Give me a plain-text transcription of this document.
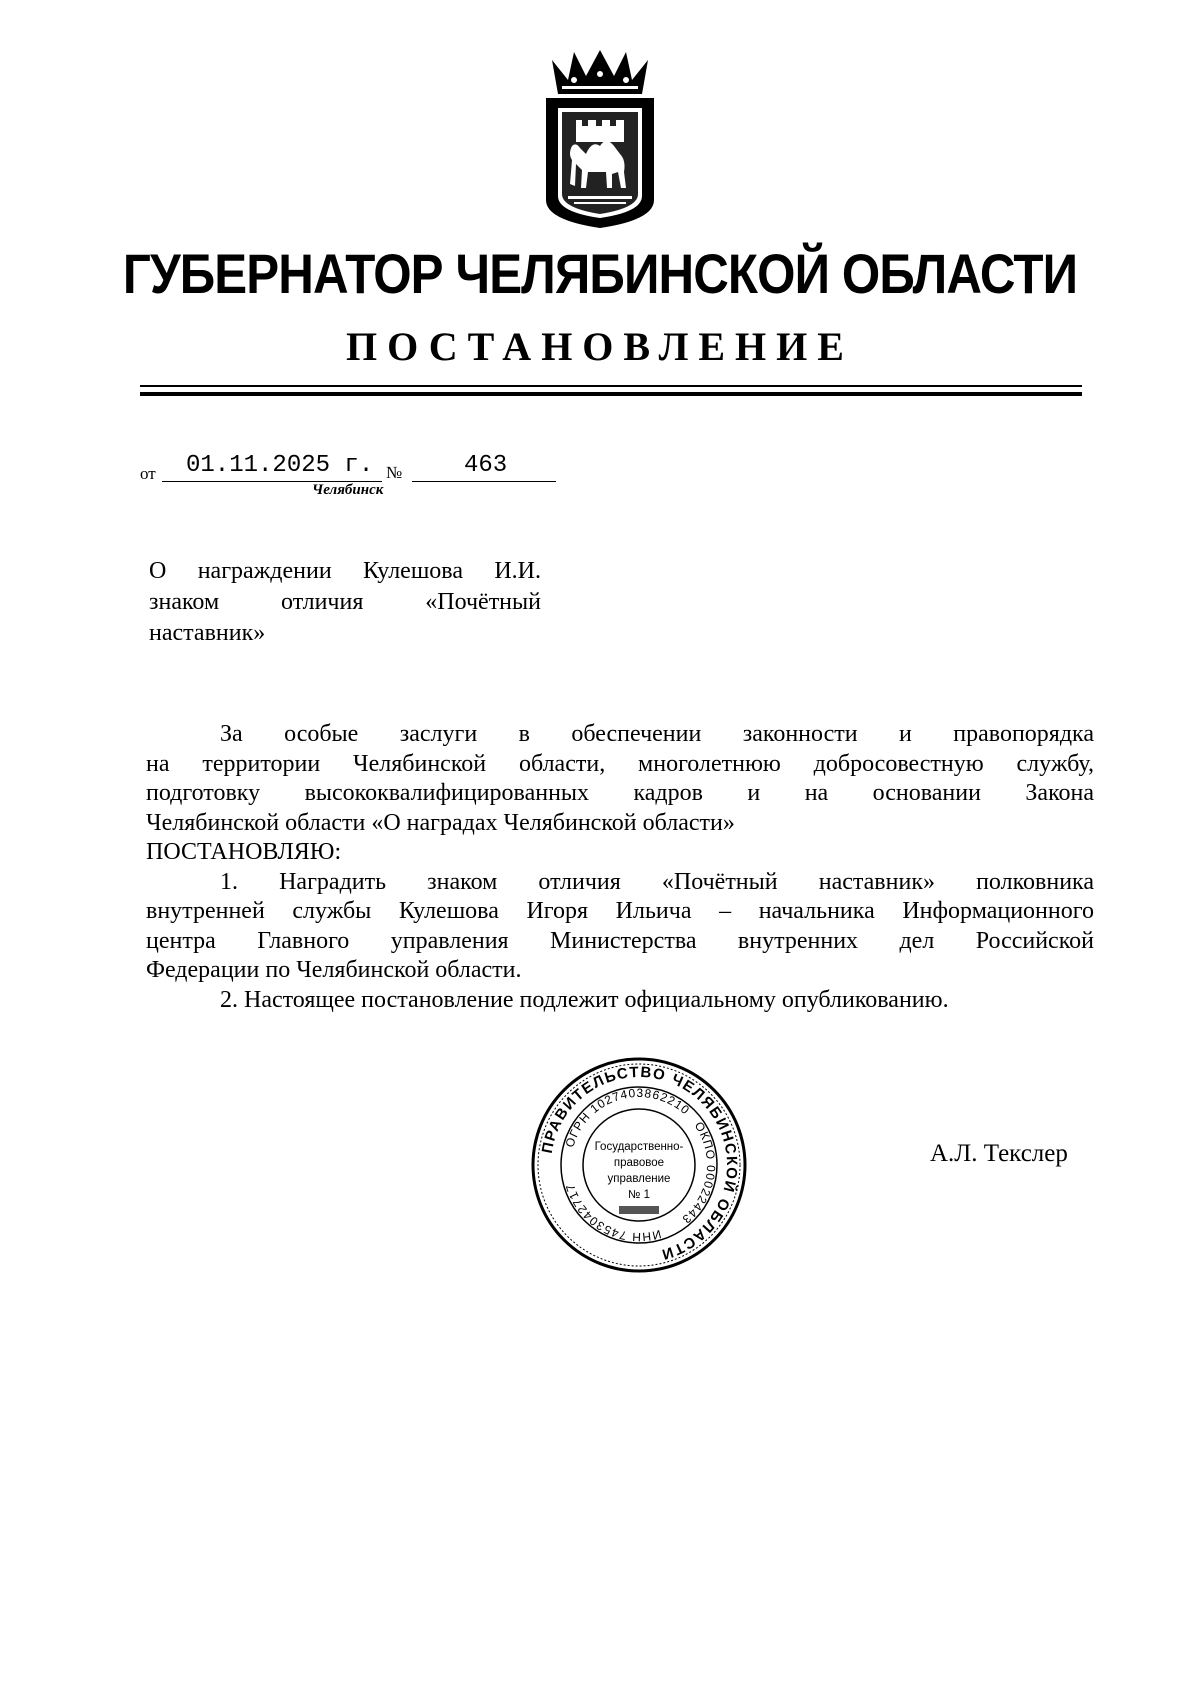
ГУБЕРНАТОР ЧЕЛЯБИНСКОЙ ОБЛАСТИ
ПОСТАНОВЛЕНИЕ
от 01.11.2025 г. №	463
Челябинск
О награждении Кулешова И.И.
знаком отличия «Почётный
наставник»
За особые заслуги в обеспечении законности и правопорядка
на территории Челябинской области, многолетнюю добросовестную службу,
подготовку высококвалифицированных кадров и на основании Закона
Челябинской области «О наградах Челябинской области»
ПОСТАНОВЛЯЮ:
1. Наградить знаком отличия «Почётный наставник» полковника
внутренней службы Кулешова Игоря Ильича – начальника Информационного
центра Главного управления Министерства внутренних дел Российской
Федерации по Челябинской области.
2. Настоящее постановление подлежит официальному опубликованию.
ПРАВИТЕЛЬСТВО ЧЕЛЯБИНСКОЙ ОБЛАСТИ
ОГРН 1027403862210
ОКПО 00022443
ИНН 7453042717
Государственно-
правовое
управление
№ 1
А.Л. Текслер
